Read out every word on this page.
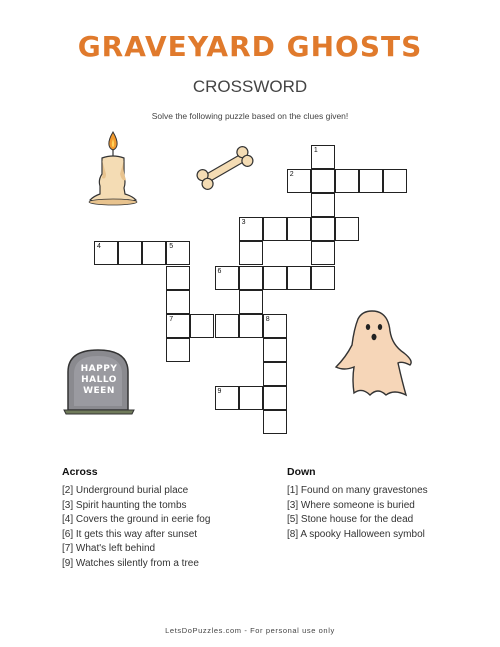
GRAVEYARD GHOSTS
CROSSWORD
Solve the following puzzle based on the clues given!
HAPPY
HALLO
WEEN
1
2
3
4	5
7
6
8
9
Across
[2] Underground burial place
[3] Spirit haunting the tombs
[4] Covers the ground in eerie fog
[6] It gets this way after sunset
[7] What's left behind
[9] Watches silently from a tree
Down
[1] Found on many gravestones
[3] Where someone is buried
[5] Stone house for the dead
[8] A spooky Halloween symbol
LetsDoPuzzles.com - For personal use only
